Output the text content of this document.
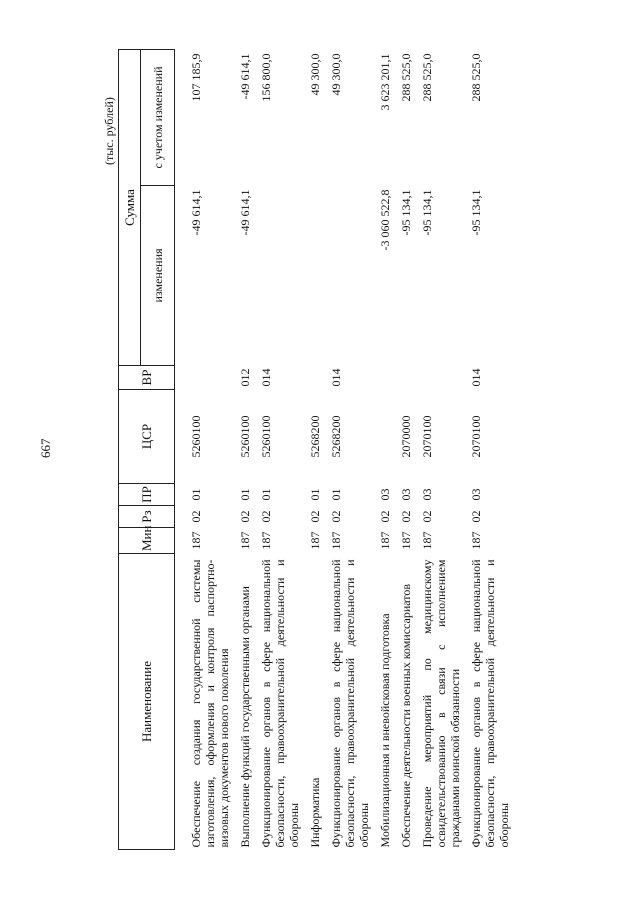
667
(тыс. рублей)
Наименование	Мин	Рз	ПР	ЦСР	ВР	Сумма	
						изменения	с учетом изменений
Обеспечение создания государственной системы изготовления, оформления и контроля паспортно-визовых документов нового поколения	187	02	01	5260100		-49 614,1	107 185,9
Выполнение функций государственными органами	187	02	01	5260100	012	-49 614,1	-49 614,1
Функционирование органов в сфере национальной безопасности, правоохранительной деятельности и обороны	187	02	01	5260100	014		156 800,0
Информатика	187	02	01	5268200			49 300,0
Функционирование органов в сфере национальной безопасности, правоохранительной деятельности и обороны	187	02	01	5268200	014		49 300,0
Мобилизационная и вневойсковая подготовка	187	02	03			-3 060 522,8	3 623 201,1
Обеспечение деятельности военных комиссариатов	187	02	03	2070000		-95 134,1	288 525,0
Проведение мероприятий по медицинскому освидетельствованию в связи с исполнением гражданами воинской обязанности	187	02	03	2070100		-95 134,1	288 525,0
Функционирование органов в сфере национальной безопасности, правоохранительной деятельности и обороны	187	02	03	2070100	014	-95 134,1	288 525,0
